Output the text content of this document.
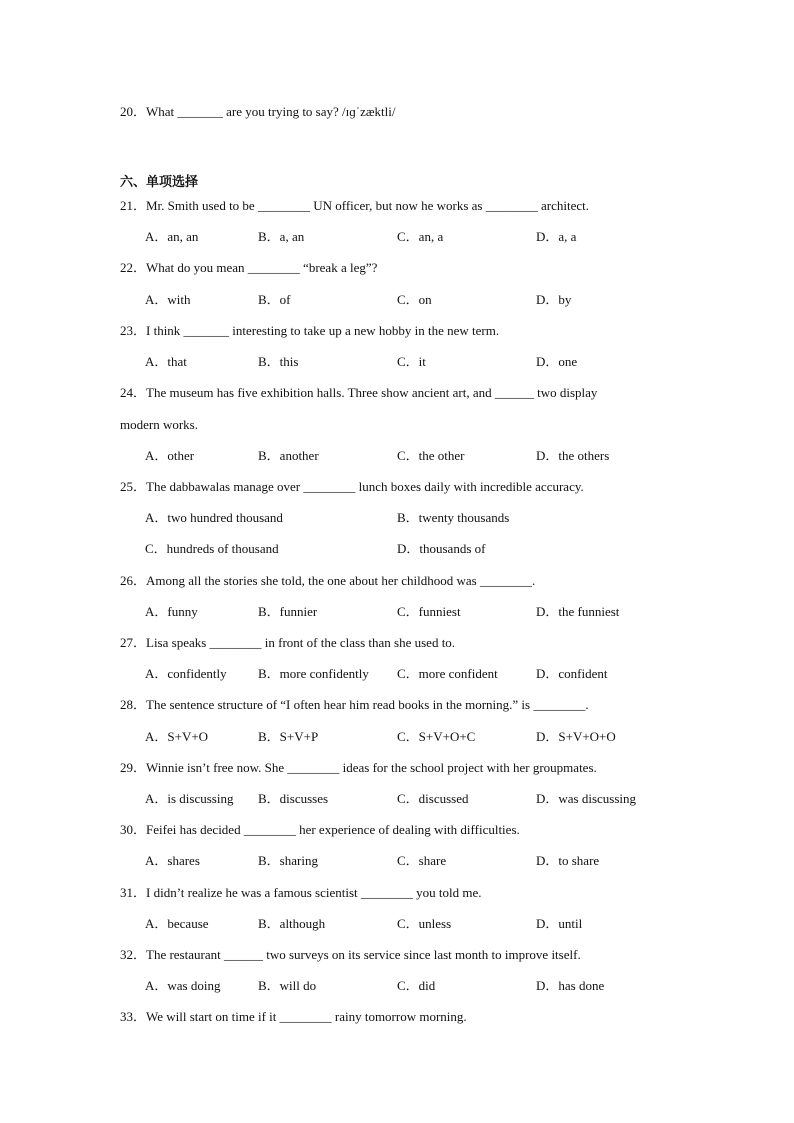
20．What _______ are you trying to say? /ɪɡˈzæktli/
六、单项选择
21．Mr. Smith used to be ________ UN officer, but now he works as ________ architect.
A．an, an	B．a, an	C．an, a	D．a, a
22．What do you mean ________ “break a leg”?
A．with	B．of	C．on	D．by
23．I think _______ interesting to take up a new hobby in the new term.
A．that	B．this	C．it	D．one
24．The museum has five exhibition halls. Three show ancient art, and ______ two display
modern works.
A．other	B．another	C．the other	D．the others
25．The dabbawalas manage over ________ lunch boxes daily with incredible accuracy.
A．two hundred thousand	B．twenty thousands
C．hundreds of thousand	D．thousands of
26．Among all the stories she told, the one about her childhood was ________.
A．funny	B．funnier	C．funniest	D．the funniest
27．Lisa speaks ________ in front of the class than she used to.
A．confidently B．more confidently C．more confident	D．confident
28．The sentence structure of “I often hear him read books in the morning.” is ________.
A．S+V+O	B．S+V+P	C．S+V+O+C	D．S+V+O+O
29．Winnie isn’t free now. She ________ ideas for the school project with her groupmates.
A．is discussing B．discusses	C．discussed	D．was discussing
30．Feifei has decided ________ her experience of dealing with difficulties.
A．shares	B．sharing	C．share	D．to share
31．I didn’t realize he was a famous scientist ________ you told me.
A．because	B．although	C．unless	D．until
32．The restaurant ______ two surveys on its service since last month to improve itself.
A．was doing	B．will do	C．did	D．has done
33．We will start on time if it ________ rainy tomorrow morning.
